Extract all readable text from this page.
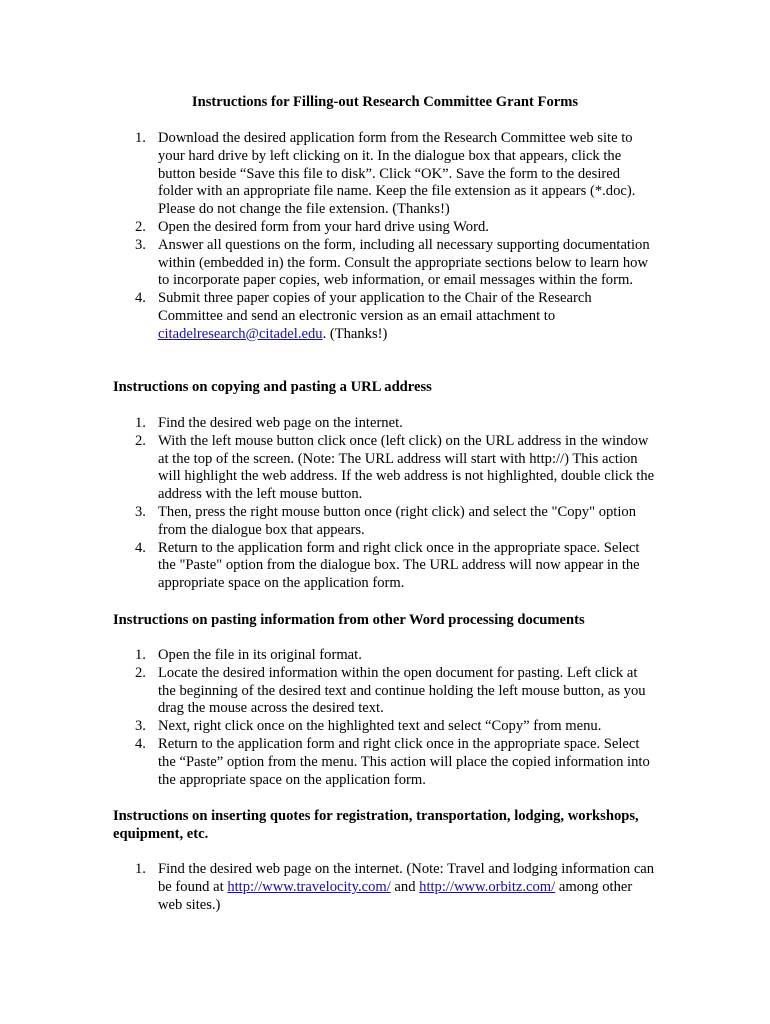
Instructions for Filling-out Research Committee Grant Forms
1. Download the desired application form from the Research Committee web site to your hard drive by left clicking on it. In the dialogue box that appears, click the button beside “Save this file to disk”. Click “OK”. Save the form to the desired folder with an appropriate file name. Keep the file extension as it appears (*.doc). Please do not change the file extension. (Thanks!)
2. Open the desired form from your hard drive using Word.
3. Answer all questions on the form, including all necessary supporting documentation within (embedded in) the form. Consult the appropriate sections below to learn how to incorporate paper copies, web information, or email messages within the form.
4. Submit three paper copies of your application to the Chair of the Research Committee and send an electronic version as an email attachment to citadelresearch@citadel.edu. (Thanks!)
Instructions on copying and pasting a URL address
1. Find the desired web page on the internet.
2. With the left mouse button click once (left click) on the URL address in the window at the top of the screen. (Note: The URL address will start with http://) This action will highlight the web address. If the web address is not highlighted, double click the address with the left mouse button.
3. Then, press the right mouse button once (right click) and select the "Copy" option from the dialogue box that appears.
4. Return to the application form and right click once in the appropriate space. Select the "Paste" option from the dialogue box. The URL address will now appear in the appropriate space on the application form.
Instructions on pasting information from other Word processing documents
1. Open the file in its original format.
2. Locate the desired information within the open document for pasting. Left click at the beginning of the desired text and continue holding the left mouse button, as you drag the mouse across the desired text.
3. Next, right click once on the highlighted text and select “Copy” from menu.
4. Return to the application form and right click once in the appropriate space. Select the “Paste” option from the menu. This action will place the copied information into the appropriate space on the application form.
Instructions on inserting quotes for registration, transportation, lodging, workshops, equipment, etc.
1. Find the desired web page on the internet. (Note: Travel and lodging information can be found at http://www.travelocity.com/ and http://www.orbitz.com/ among other web sites.)
